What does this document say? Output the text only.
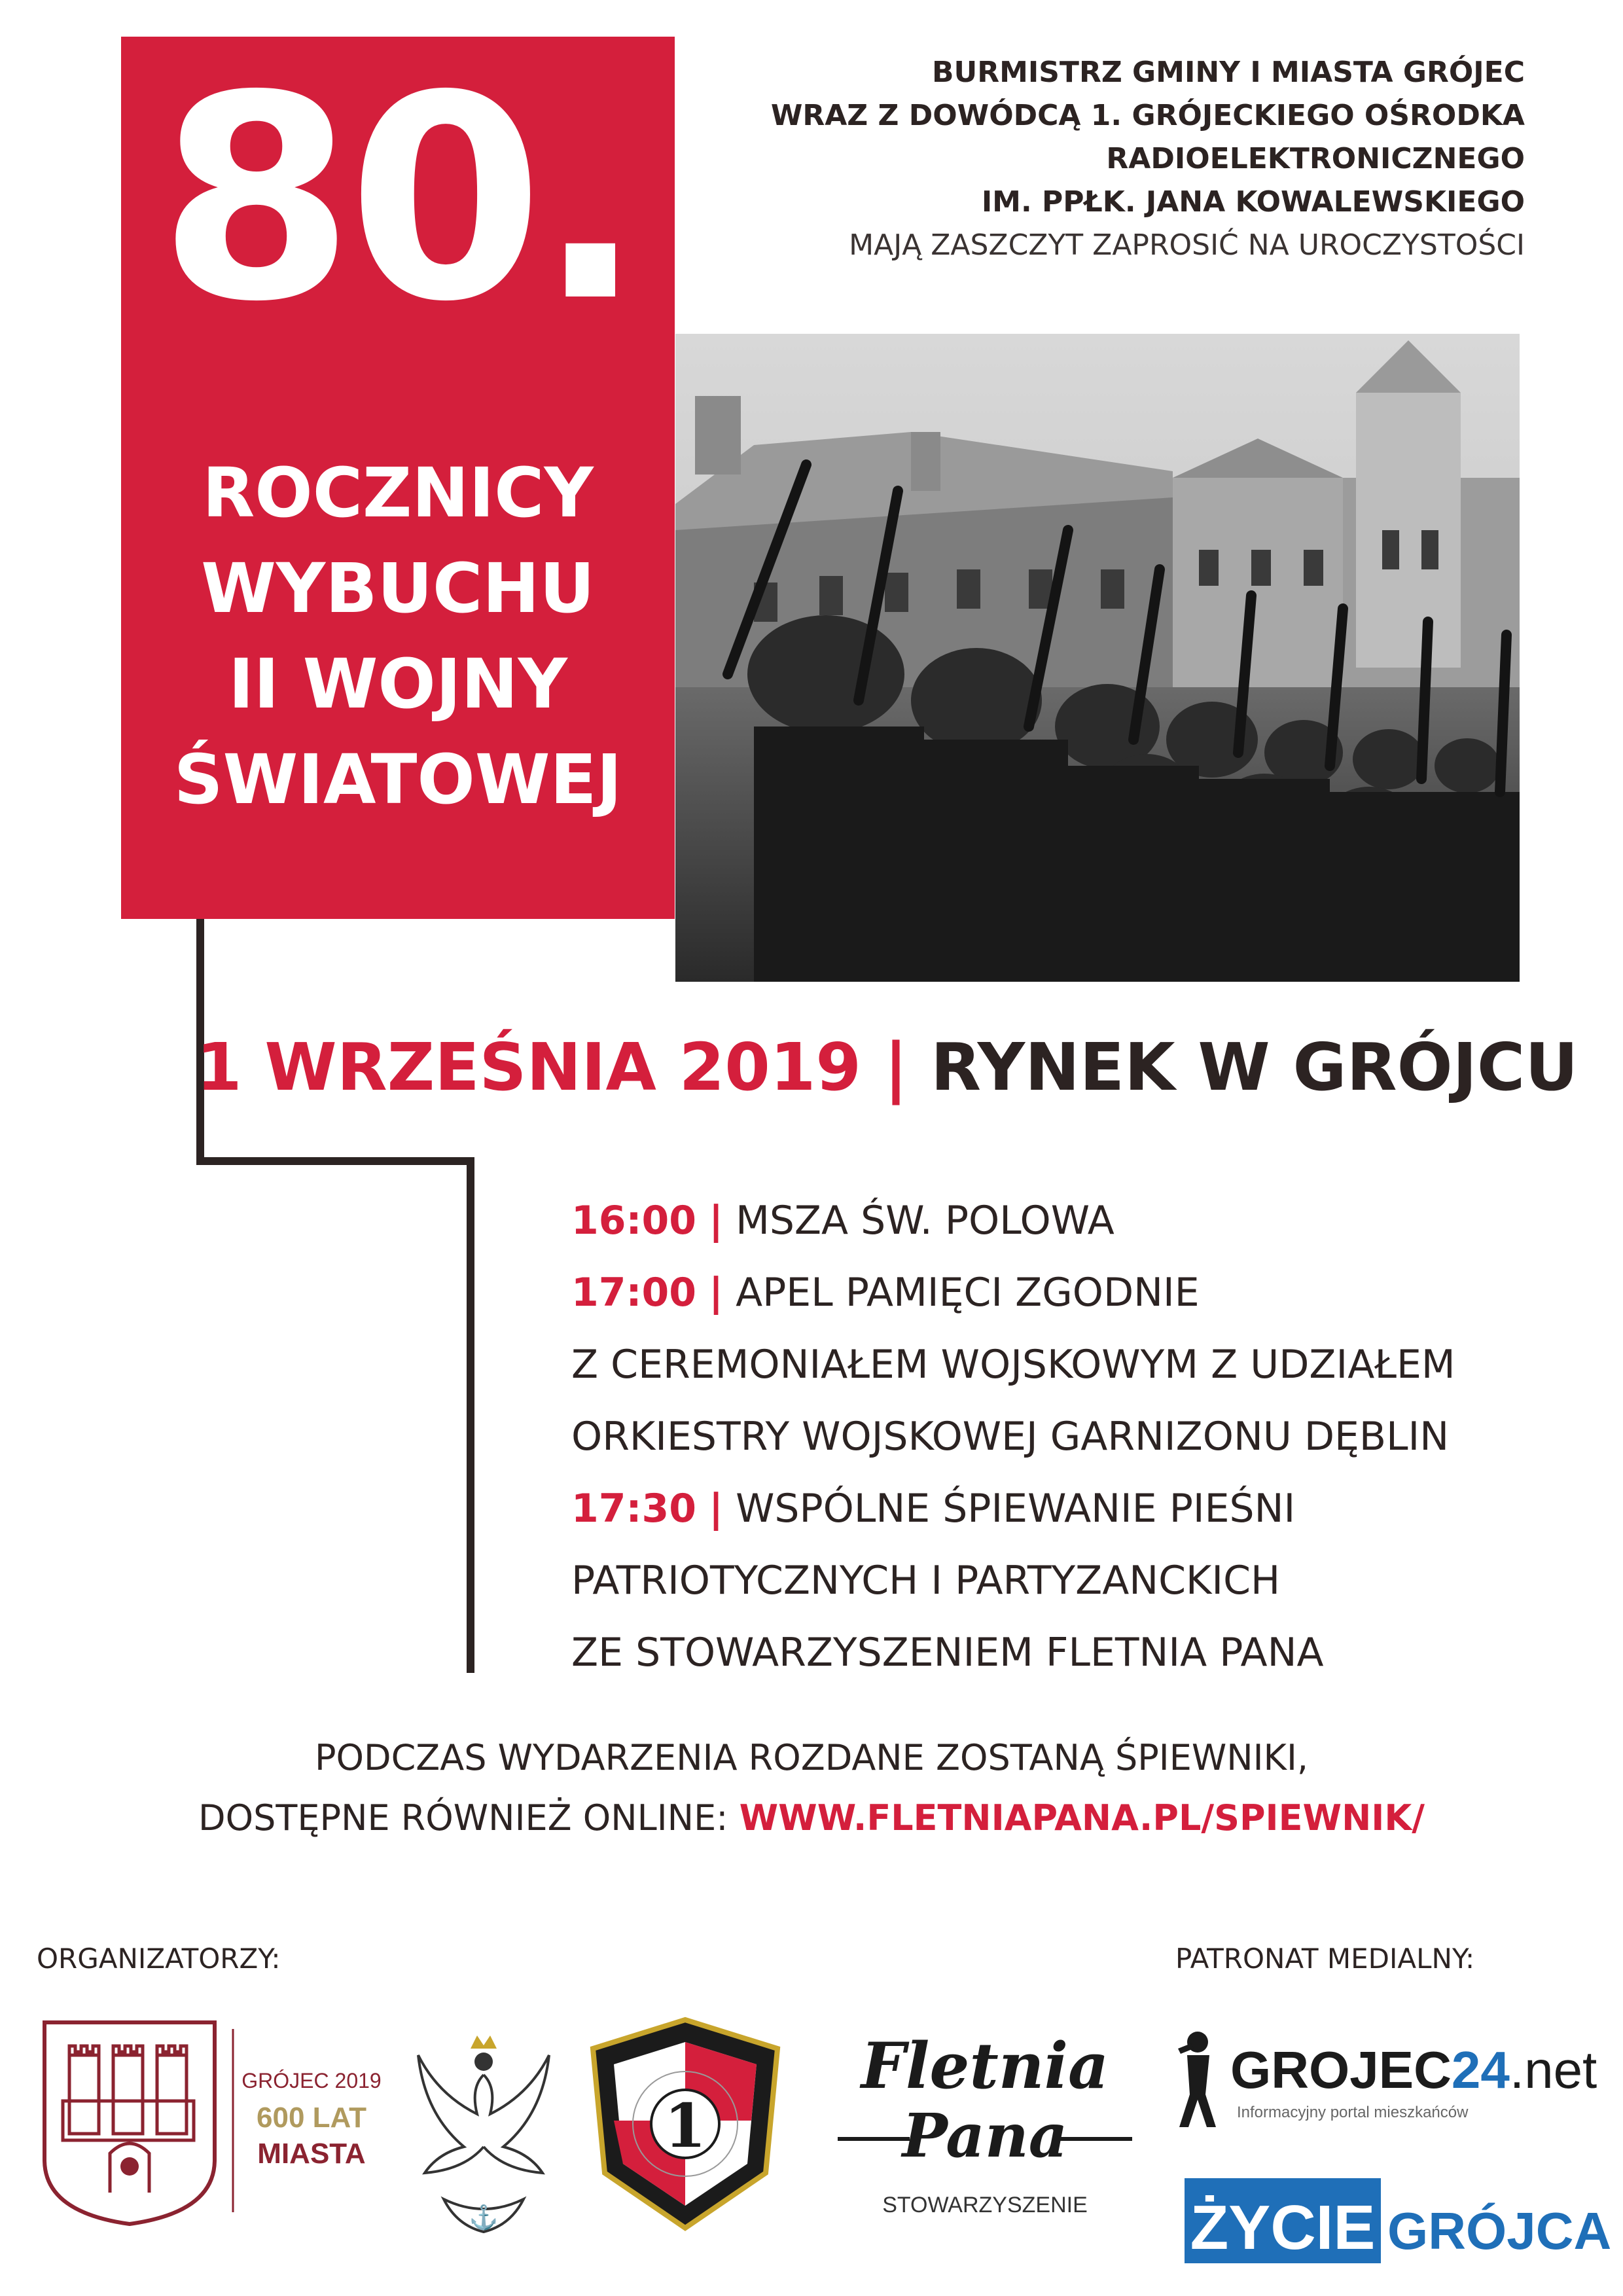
80.
ROCZNICY
WYBUCHU
II WOJNY
ŚWIATOWEJ
BURMISTRZ GMINY I MIASTA GRÓJEC
WRAZ Z DOWÓDCĄ 1. GRÓJECKIEGO OŚRODKA
RADIOELEKTRONICZNEGO
IM. PPŁK. JANA KOWALEWSKIEGO
MAJĄ ZASZCZYT ZAPROSIĆ NA UROCZYSTOŚCI
1 WRZEŚNIA 2019 | RYNEK W GRÓJCU
16:00 | MSZA ŚW. POLOWA
17:00 | APEL PAMIĘCI ZGODNIE
Z CEREMONIAŁEM WOJSKOWYM Z UDZIAŁEM
ORKIESTRY WOJSKOWEJ GARNIZONU DĘBLIN
17:30 | WSPÓLNE ŚPIEWANIE PIEŚNI
PATRIOTYCZNYCH I PARTYZANCKICH
ZE STOWARZYSZENIEM FLETNIA PANA
PODCZAS WYDARZENIA ROZDANE ZOSTANĄ ŚPIEWNIKI,
DOSTĘPNE RÓWNIEŻ ONLINE: WWW.FLETNIAPANA.PL/SPIEWNIK/
ORGANIZATORZY:	PATRONAT MEDIALNY:
GRÓJEC 2019
600 LAT
MIASTA
⚓
1
Fletnia
Pana
STOWARZYSZENIE
GROJEC24.net
Informacyjny portal mieszkańców
ŻYCIE GRÓJCA
